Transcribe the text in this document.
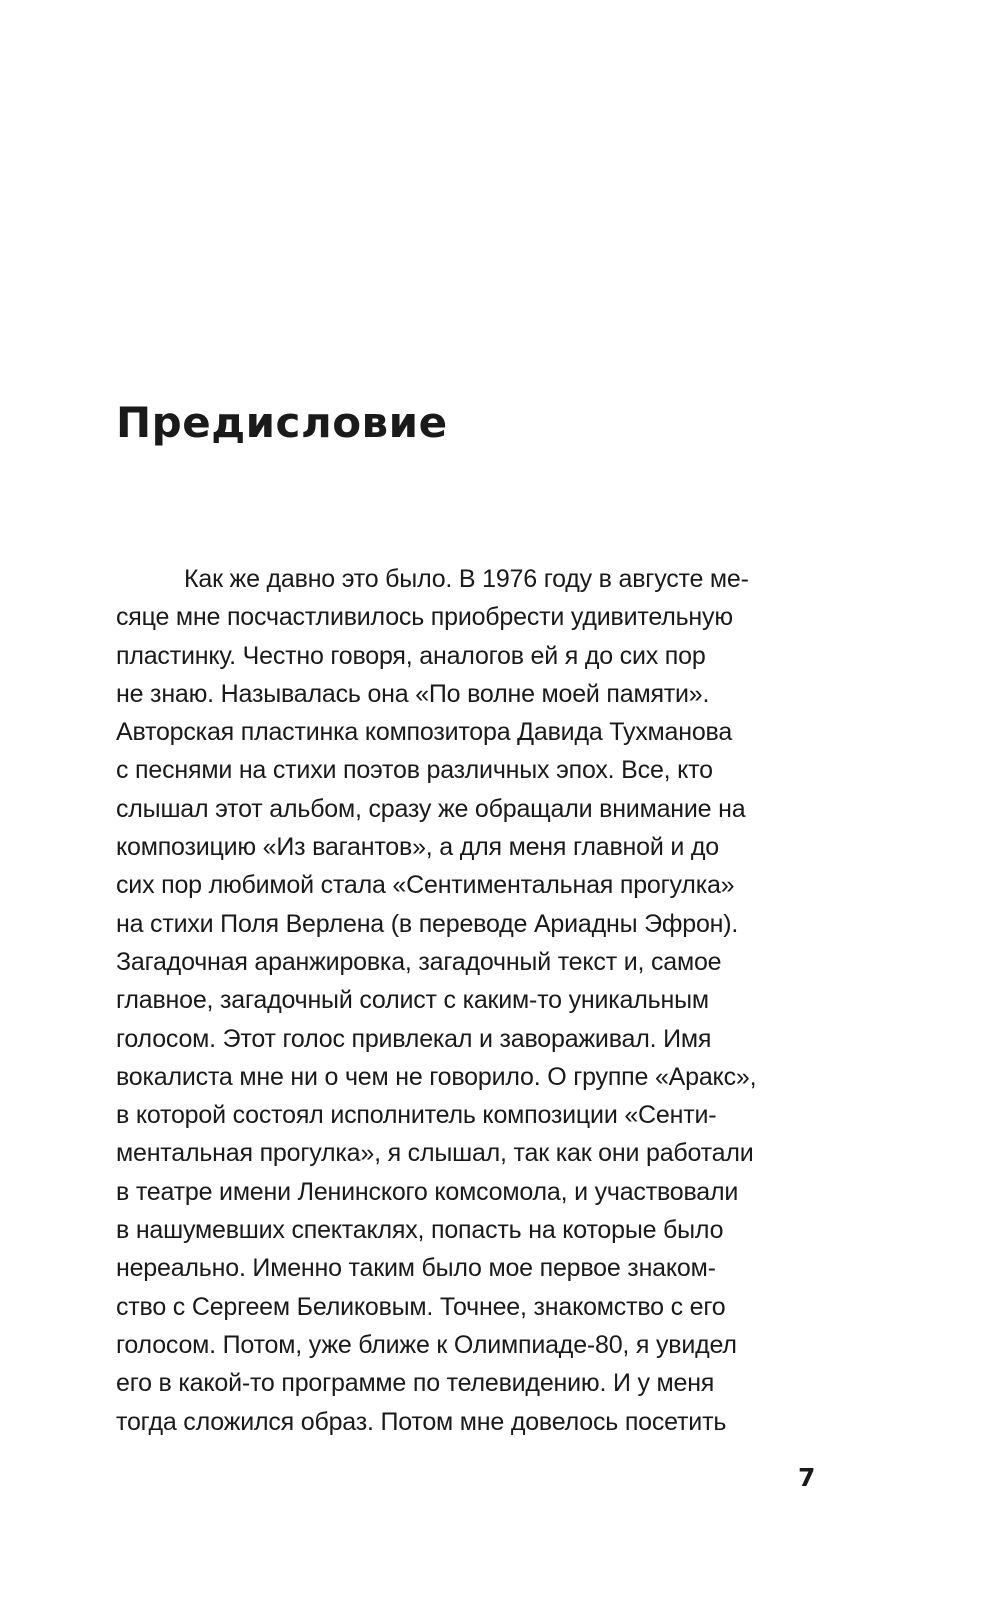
Предисловие
Как же давно это было. В 1976 году в августе ме-
сяце мне посчастливилось приобрести удивительную
пластинку. Честно говоря, аналогов ей я до сих пор
не знаю. Называлась она «По волне моей памяти».
Авторская пластинка композитора Давида Тухманова
с песнями на стихи поэтов различных эпох. Все, кто
слышал этот альбом, сразу же обращали внимание на
композицию «Из вагантов», а для меня главной и до
сих пор любимой стала «Сентиментальная прогулка»
на стихи Поля Верлена (в переводе Ариадны Эфрон).
Загадочная аранжировка, загадочный текст и, самое
главное, загадочный солист с каким-то уникальным
голосом. Этот голос привлекал и завораживал. Имя
вокалиста мне ни о чем не говорило. О группе «Аракс»,
в которой состоял исполнитель композиции «Сенти-
ментальная прогулка», я слышал, так как они работали
в театре имени Ленинского комсомола, и участвовали
в нашумевших спектаклях, попасть на которые было
нереально. Именно таким было мое первое знаком-
ство с Сергеем Беликовым. Точнее, знакомство с его
голосом. Потом, уже ближе к Олимпиаде-80, я увидел
его в какой-то программе по телевидению. И у меня
тогда сложился образ. Потом мне довелось посетить
7
